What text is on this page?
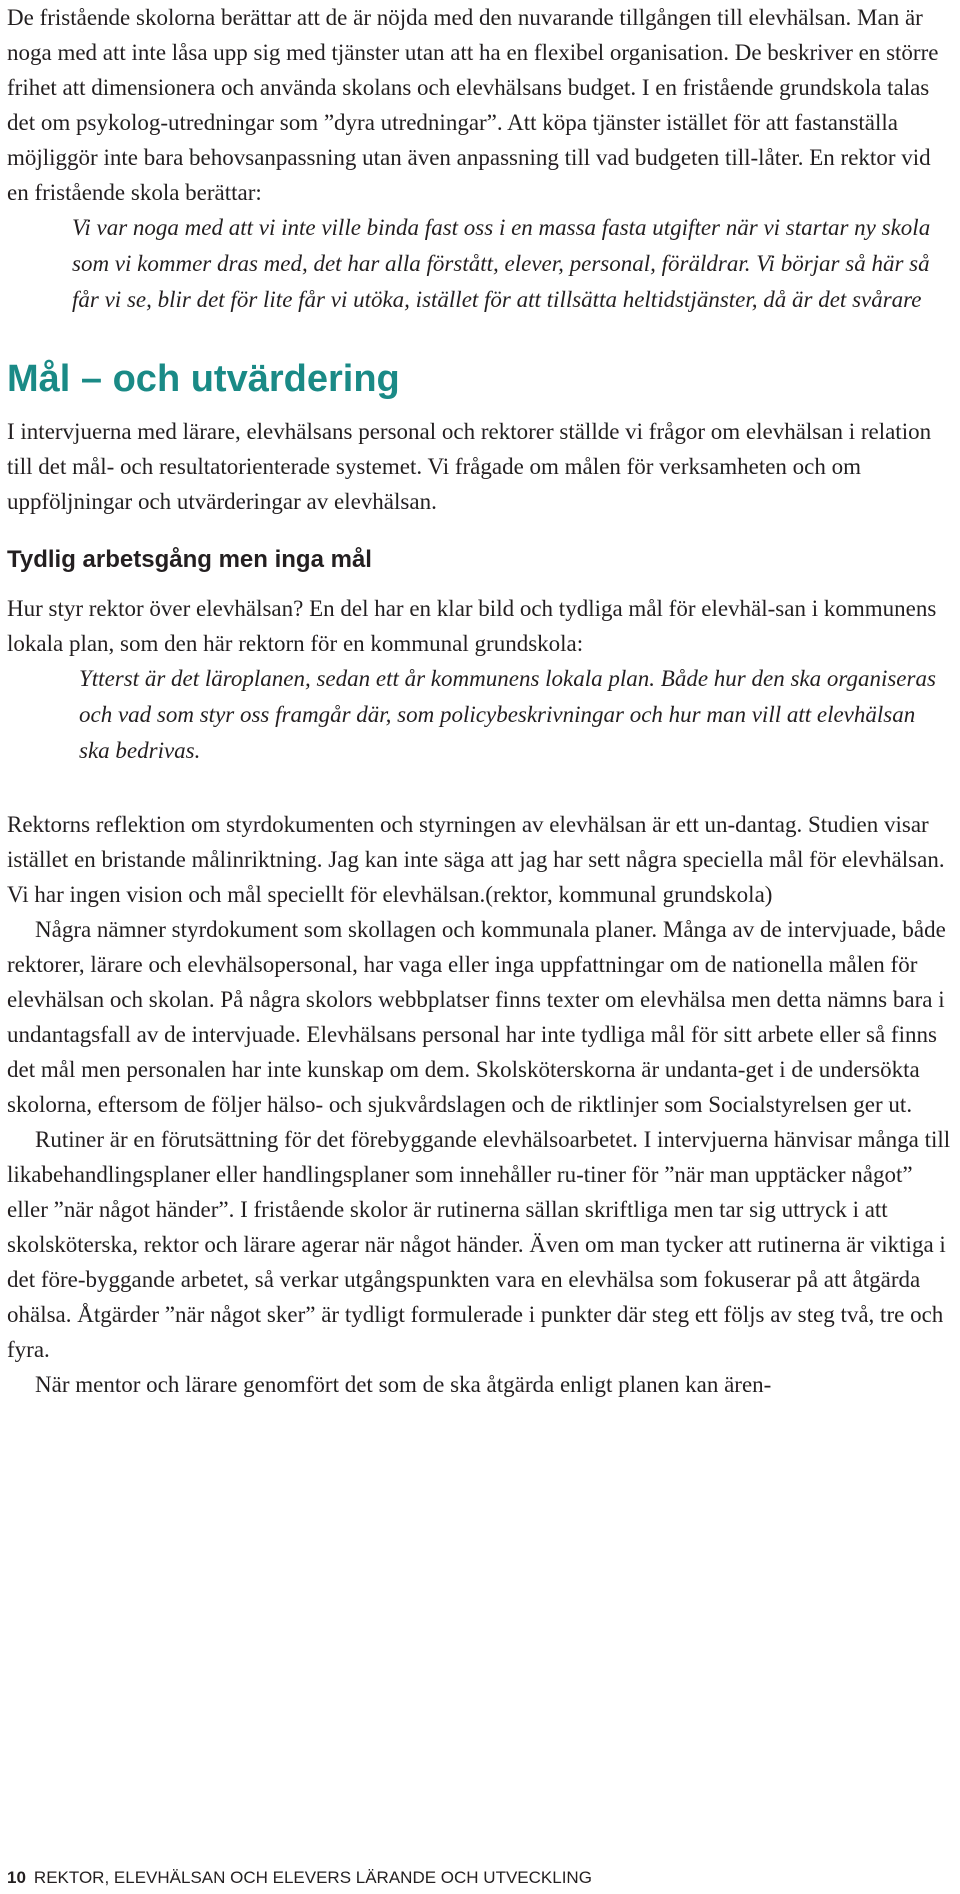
De fristående skolorna berättar att de är nöjda med den nuvarande tillgången till elevhälsan. Man är noga med att inte låsa upp sig med tjänster utan att ha en flexibel organisation. De beskriver en större frihet att dimensionera och använda skolans och elevhälsans budget. I en fristående grundskola talas det om psykolog-utredningar som ”dyra utredningar”. Att köpa tjänster istället för att fastanställa möjliggör inte bara behovsanpassning utan även anpassning till vad budgeten till-låter. En rektor vid en fristående skola berättar:

Vi var noga med att vi inte ville binda fast oss i en massa fasta utgifter när vi startar ny skola som vi kommer dras med, det har alla förstått, elever, personal, föräldrar. Vi börjar så här så får vi se, blir det för lite får vi utöka, istället för att tillsätta heltidstjänster, då är det svårare

Mål – och utvärdering

I intervjuerna med lärare, elevhälsans personal och rektorer ställde vi frågor om elevhälsan i relation till det mål- och resultatorienterade systemet. Vi frågade om målen för verksamheten och om uppföljningar och utvärderingar av elevhälsan.

Tydlig arbetsgång men inga mål

Hur styr rektor över elevhälsan? En del har en klar bild och tydliga mål för elevhäl-san i kommunens lokala plan, som den här rektorn för en kommunal grundskola:

Ytterst är det läroplanen, sedan ett år kommunens lokala plan. Både hur den ska organiseras och vad som styr oss framgår där, som policybeskrivningar och hur man vill att elevhälsan ska bedrivas.

Rektorns reflektion om styrdokumenten och styrningen av elevhälsan är ett un-dantag. Studien visar istället en bristande målinriktning. Jag kan inte säga att jag har sett några speciella mål för elevhälsan. Vi har ingen vision och mål speciellt för elevhälsan.(rektor, kommunal grundskola)

Några nämner styrdokument som skollagen och kommunala planer. Många av de intervjuade, både rektorer, lärare och elevhälsopersonal, har vaga eller inga uppfattningar om de nationella målen för elevhälsan och skolan. På några skolors webbplatser finns texter om elevhälsa men detta nämns bara i undantagsfall av de intervjuade. Elevhälsans personal har inte tydliga mål för sitt arbete eller så finns det mål men personalen har inte kunskap om dem. Skolsköterskorna är undanta-get i de undersökta skolorna, eftersom de följer hälso- och sjukvårdslagen och de riktlinjer som Socialstyrelsen ger ut.

Rutiner är en förutsättning för det förebyggande elevhälsoarbetet. I intervjuerna hänvisar många till likabehandlingsplaner eller handlingsplaner som innehåller ru-tiner för ”när man upptäcker något” eller ”när något händer”. I fristående skolor är rutinerna sällan skriftliga men tar sig uttryck i att skolsköterska, rektor och lärare agerar när något händer. Även om man tycker att rutinerna är viktiga i det före-byggande arbetet, så verkar utgångspunkten vara en elevhälsa som fokuserar på att åtgärda ohälsa. Åtgärder ”när något sker” är tydligt formulerade i punkter där steg ett följs av steg två, tre och fyra.

När mentor och lärare genomfört det som de ska åtgärda enligt planen kan ären-

10 REKTOR, ELEVHÄLSAN OCH ELEVERS LÄRANDE OCH UTVECKLING
